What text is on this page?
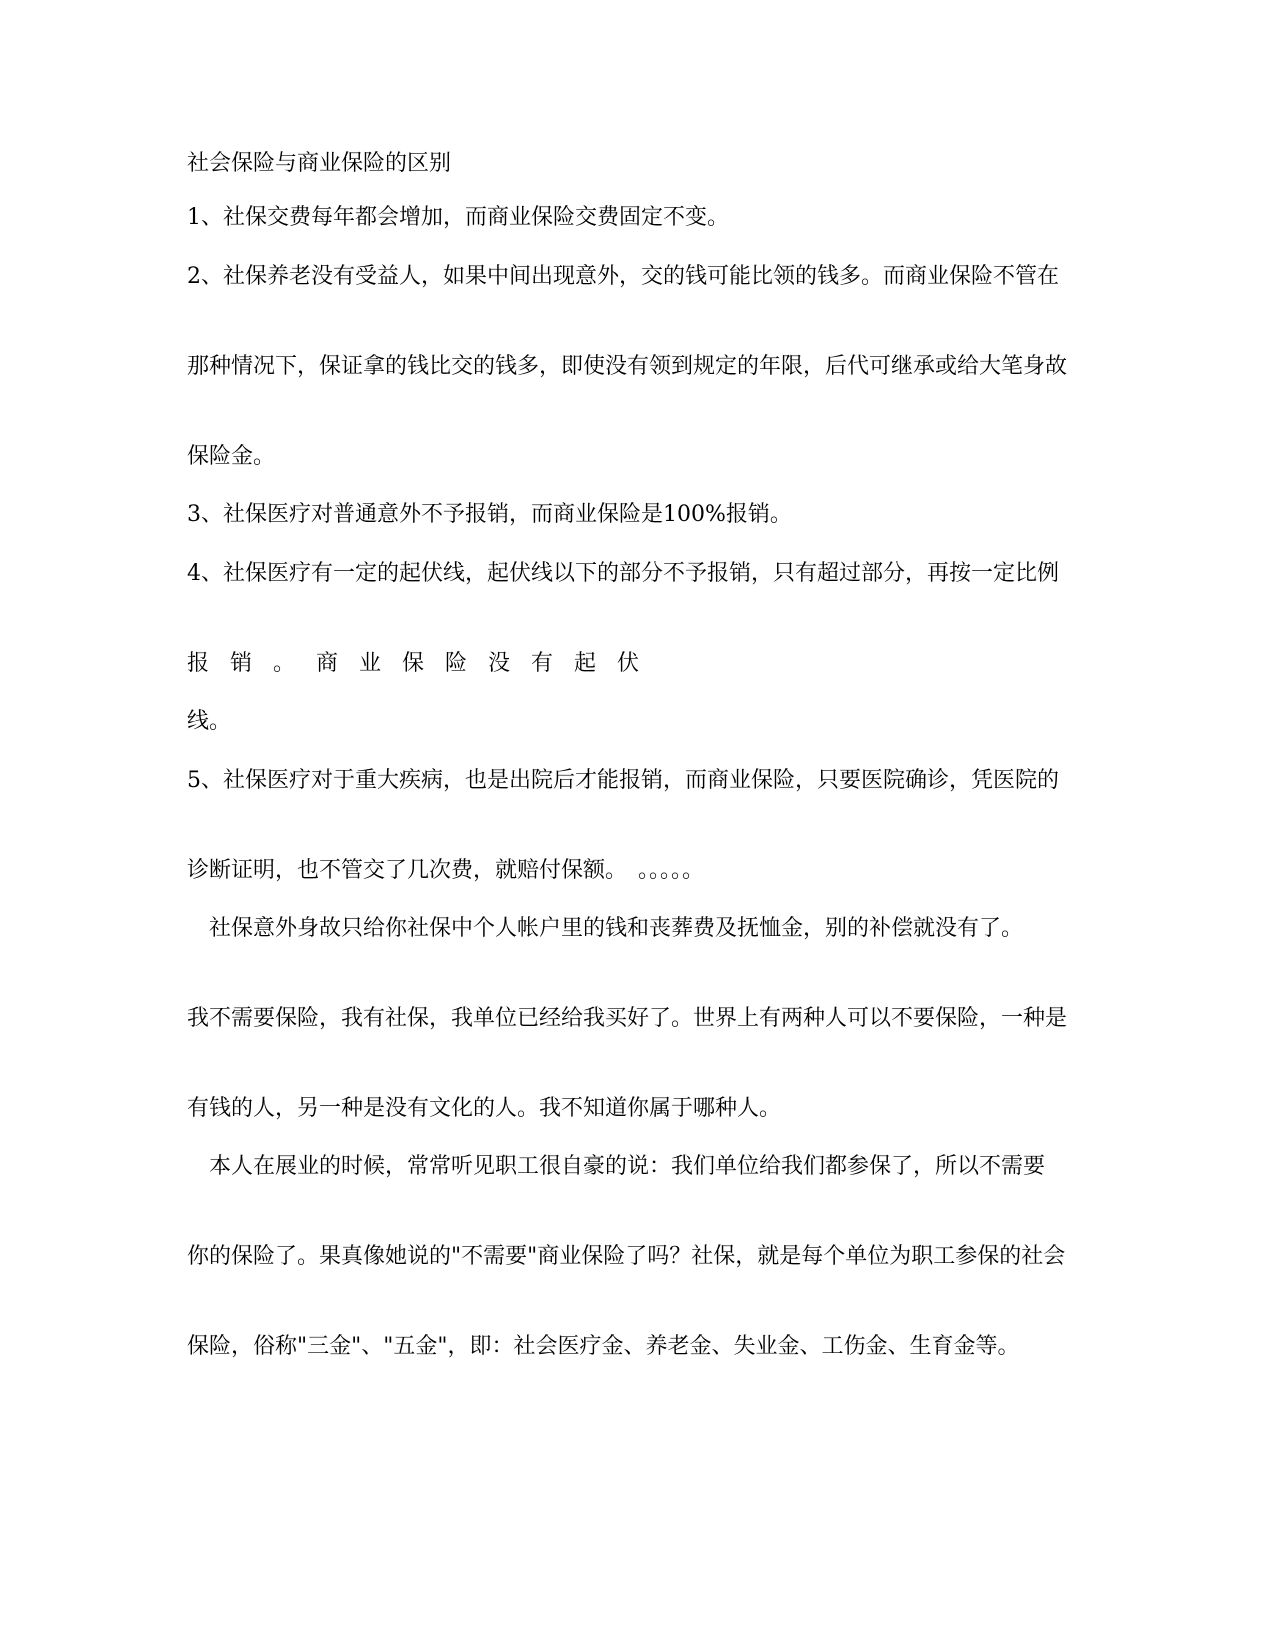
社会保险与商业保险的区别

1、社保交费每年都会增加，而商业保险交费固定不变。

2、社保养老没有受益人，如果中间出现意外，交的钱可能比领的钱多。而商业保险不管在

那种情况下，保证拿的钱比交的钱多，即使没有领到规定的年限，后代可继承或给大笔身故

保险金。

3、社保医疗对普通意外不予报销，而商业保险是100%报销。

4、社保医疗有一定的起伏线，起伏线以下的部分不予报销，只有超过部分，再按一定比例

报销。商业保险没有起伏

线。

5、社保医疗对于重大疾病，也是出院后才能报销，而商业保险，只要医院确诊，凭医院的

诊断证明，也不管交了几次费，就赔付保额。　。。。。。

　社保意外身故只给你社保中个人帐户里的钱和丧葬费及抚恤金，别的补偿就没有了。

我不需要保险，我有社保，我单位已经给我买好了。世界上有两种人可以不要保险，一种是

有钱的人，另一种是没有文化的人。我不知道你属于哪种人。

　本人在展业的时候，常常听见职工很自豪的说：我们单位给我们都参保了，所以不需要

你的保险了。果真像她说的"不需要"商业保险了吗？社保，就是每个单位为职工参保的社会

保险，俗称"三金"、"五金"，即：社会医疗金、养老金、失业金、工伤金、生育金等。
